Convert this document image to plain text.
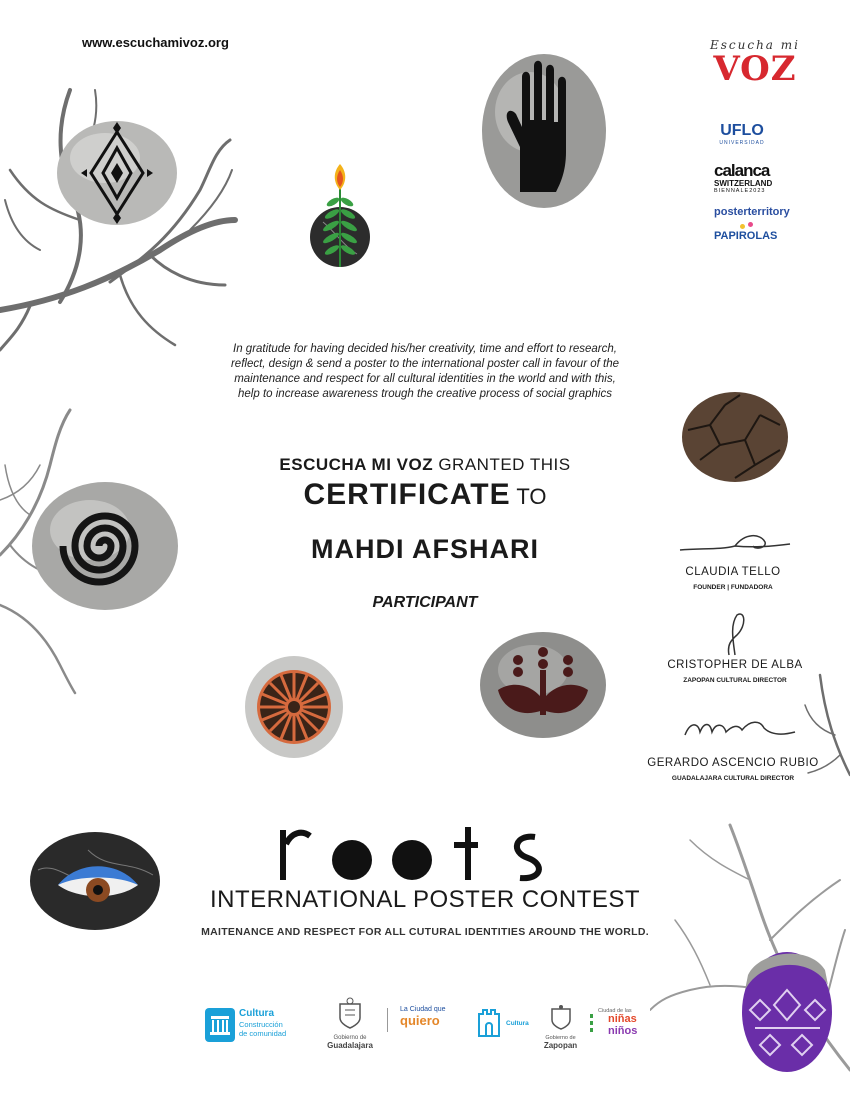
www.escuchamivoz.org	Escucha mi
VOZ
UFLO
UNIVERSIDAD
calanca
SWITZERLAND
BIENNALE2023
posterterritory
PAPIROLAS
In gratitude for having decided his/her creativity, time and effort to research,
reflect, design & send a poster to the international poster call in favour of the
maintenance and respect for all cultural identities in the world and with this,
help to increase awareness trough the creative process of social graphics
ESCUCHA MI VOZ GRANTED THIS
CERTIFICATE TO
MAHDI AFSHARI
PARTICIPANT
CLAUDIA TELLO
FOUNDER | FUNDADORA
CRISTOPHER DE ALBA
ZAPOPAN CULTURAL DIRECTOR
GERARDO ASCENCIO RUBIO
GUADALAJARA CULTURAL DIRECTOR
INTERNATIONAL POSTER CONTEST
MAITENANCE AND RESPECT FOR ALL CUTURAL IDENTITIES AROUND THE WORLD.
Cultura
Construcción
de comunidad	Gobierno de
Guadalajara
La Ciudad que
quiero	Cultura
Gobierno de
Zapopan
Ciudad de las
niñas
niños
